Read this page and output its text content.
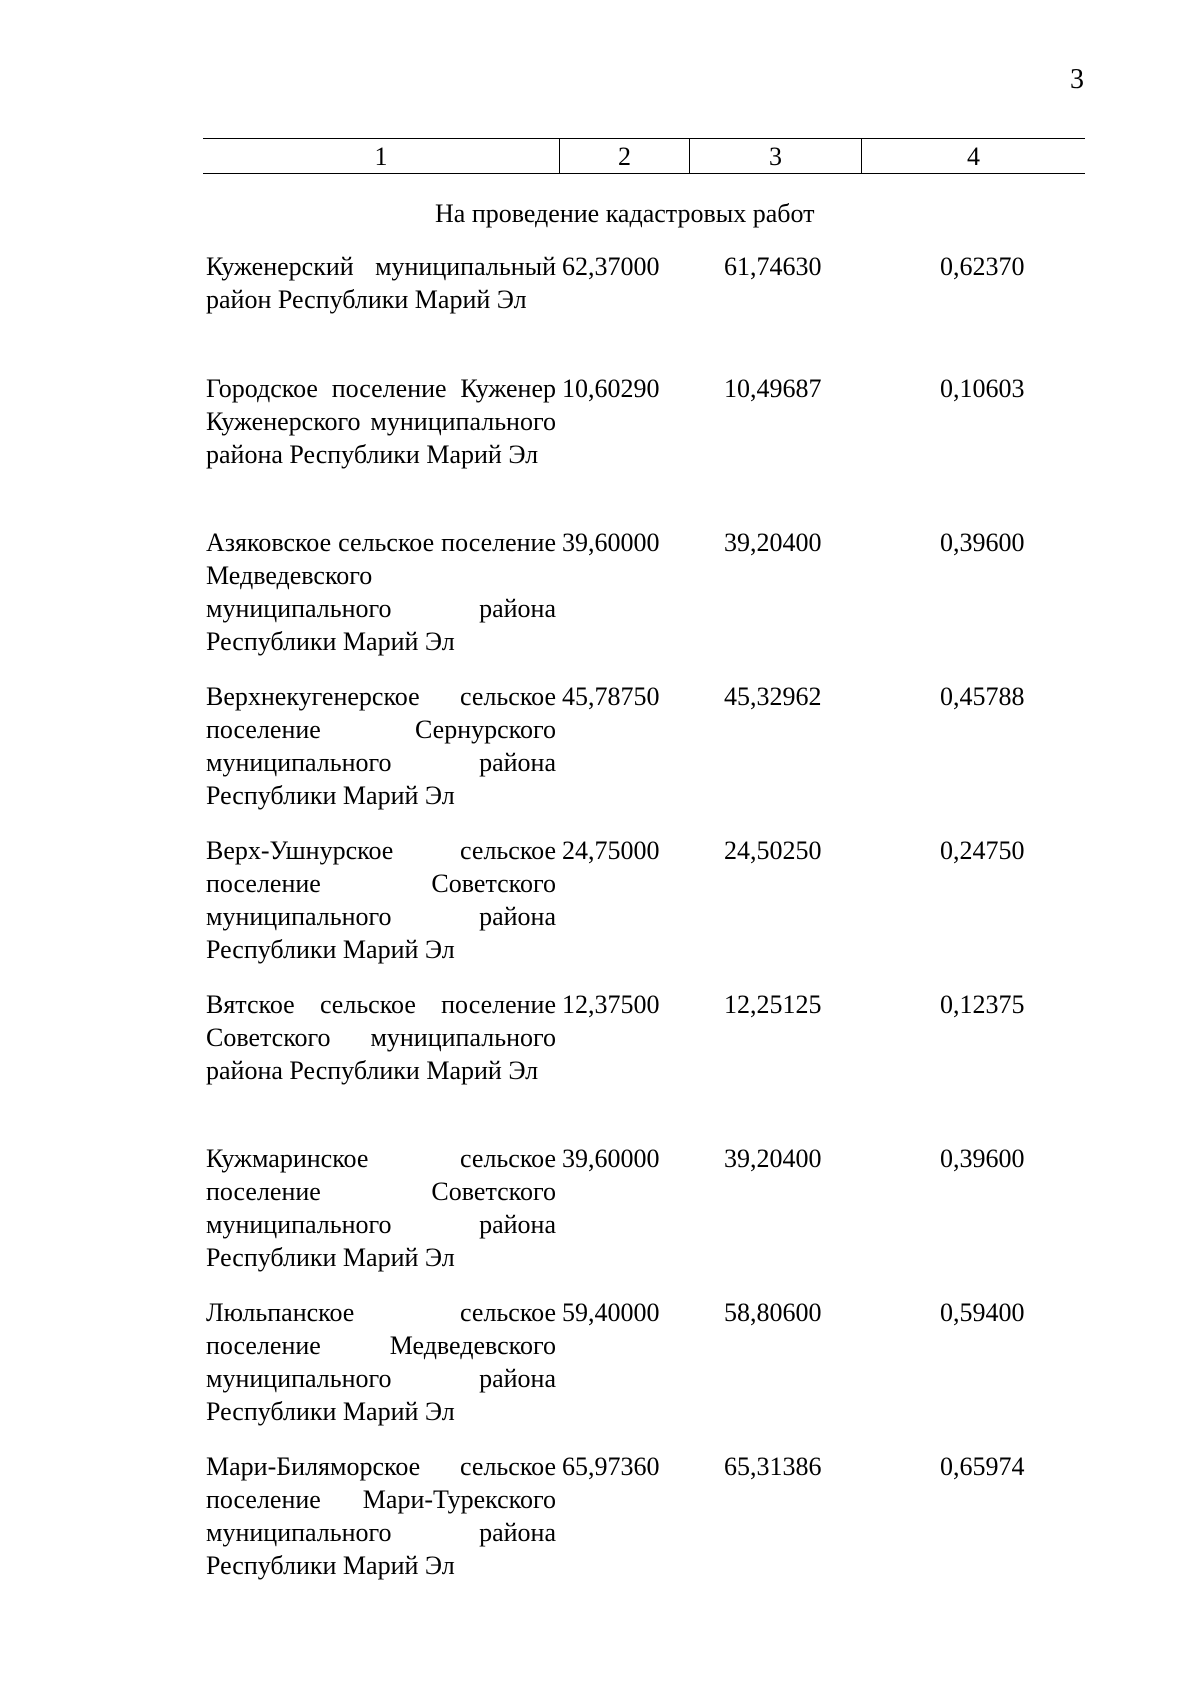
3
1	2	3	4
На проведение кадастровых работ
Куженерский муниципальный район Республики Марий Эл
62,37000	61,74630	0,62370
Городское поселение Куженер Куженерского муниципального района Республики Марий Эл
10,60290	10,49687	0,10603
Азяковское сельское поселение Медведевского муниципального района Республики Марий Эл
39,60000	39,20400	0,39600
Верхнекугенерское сельское поселение Сернурского муниципального района Республики Марий Эл
45,78750	45,32962	0,45788
Верх-Ушнурское сельское поселение Советского муниципального района Республики Марий Эл
24,75000	24,50250	0,24750
Вятское сельское поселение Советского муниципального района Республики Марий Эл
12,37500	12,25125	0,12375
Кужмаринское сельское поселение Советского муниципального района Республики Марий Эл
39,60000	39,20400	0,39600
Люльпанское сельское поселение Медведевского муниципального района Республики Марий Эл
59,40000	58,80600	0,59400
Мари-Биляморское сельское поселение Мари-Турекского муниципального района Республики Марий Эл
65,97360	65,31386	0,65974
